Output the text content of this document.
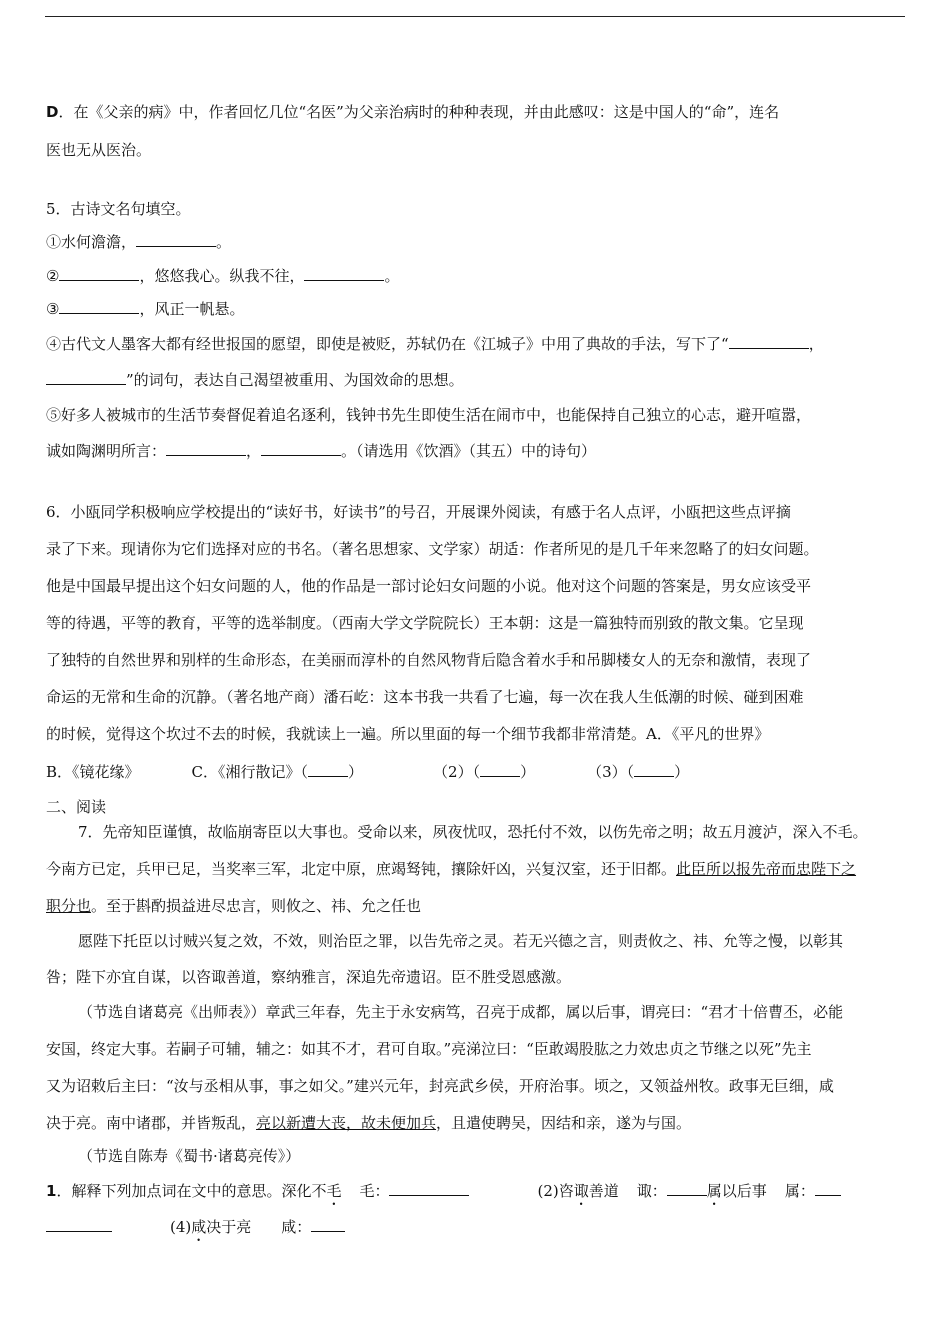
D．在《父亲的病》中，作者回忆几位“名医”为父亲治病时的种种表现，并由此感叹：这是中国人的“命”，连名
医也无从医治。
5．古诗文名句填空。
①水何澹澹，	。
②	，悠悠我心。纵我不往，	。
③	，风正一帆悬。
④古代文人墨客大都有经世报国的愿望，即使是被贬，苏轼仍在《江城子》中用了典故的手法，写下了“	，
”的词句，表达自己渴望被重用、为国效命的思想。
⑤好多人被城市的生活节奏督促着追名逐利，钱钟书先生即使生活在闹市中，也能保持自己独立的心志，避开喧嚣，
诚如陶渊明所言：	，	。（请选用《饮酒》（其五）中的诗句）
6．小瓯同学积极响应学校提出的“读好书，好读书”的号召，开展课外阅读，有感于名人点评，小瓯把这些点评摘
录了下来。现请你为它们选择对应的书名。（著名思想家、文学家）胡适：作者所见的是几千年来忽略了的妇女问题。
他是中国最早提出这个妇女问题的人，他的作品是一部讨论妇女问题的小说。他对这个问题的答案是，男女应该受平
等的待遇，平等的教育，平等的选举制度。（西南大学文学院院长）王本朝：这是一篇独特而别致的散文集。它呈现
了独特的自然世界和别样的生命形态，在美丽而淳朴的自然风物背后隐含着水手和吊脚楼女人的无奈和激情，表现了
命运的无常和生命的沉静。（著名地产商）潘石屹：这本书我一共看了七遍，每一次在我人生低潮的时候、碰到困难
的时候，觉得这个坎过不去的时候，我就读上一遍。所以里面的每一个细节我都非常清楚。A．《平凡的世界》
B．《镜花缘》	C．《湘行散记》（	）	（2）（	）	（3）（	）
二、阅读
7．先帝知臣谨慎，故临崩寄臣以大事也。受命以来，夙夜忧叹，恐托付不效，以伤先帝之明；故五月渡泸，深入不毛。
今南方已定，兵甲已足，当奖率三军，北定中原，庶竭驽钝，攘除奸凶，兴复汉室，还于旧都。此臣所以报先帝而忠陛下之
职分也。至于斟酌损益进尽忠言，则攸之、祎、允之任也
愿陛下托臣以讨贼兴复之效，不效，则治臣之罪，以告先帝之灵。若无兴德之言，则责攸之、祎、允等之慢，以彰其
咎；陛下亦宜自谋，以咨诹善道，察纳雅言，深追先帝遗诏。臣不胜受恩感激。
（节选自诸葛亮《出师表》）章武三年春，先主于永安病笃，召亮于成都，属以后事，谓亮曰：“君才十倍曹丕，必能
安国，终定大事。若嗣子可辅，辅之：如其不才，君可自取。”亮涕泣曰：“臣敢竭股肱之力效忠贞之节继之以死”先主
又为诏敕后主曰：“汝与丞相从事，事之如父。”建兴元年，封亮武乡侯，开府治事。顷之，又领益州牧。政事无巨细，咸
决于亮。南中诸郡，并皆叛乱，亮以新遭大丧，故未便加兵，且遣使聘吴，因结和亲，遂为与国。
（节选自陈寿《蜀书·诸葛亮传》）
1．解释下列加点词在文中的意思。深化不毛 毛：	(2)咨诹善道 诹：	属以后事 属：
(4)咸决于亮 咸：
